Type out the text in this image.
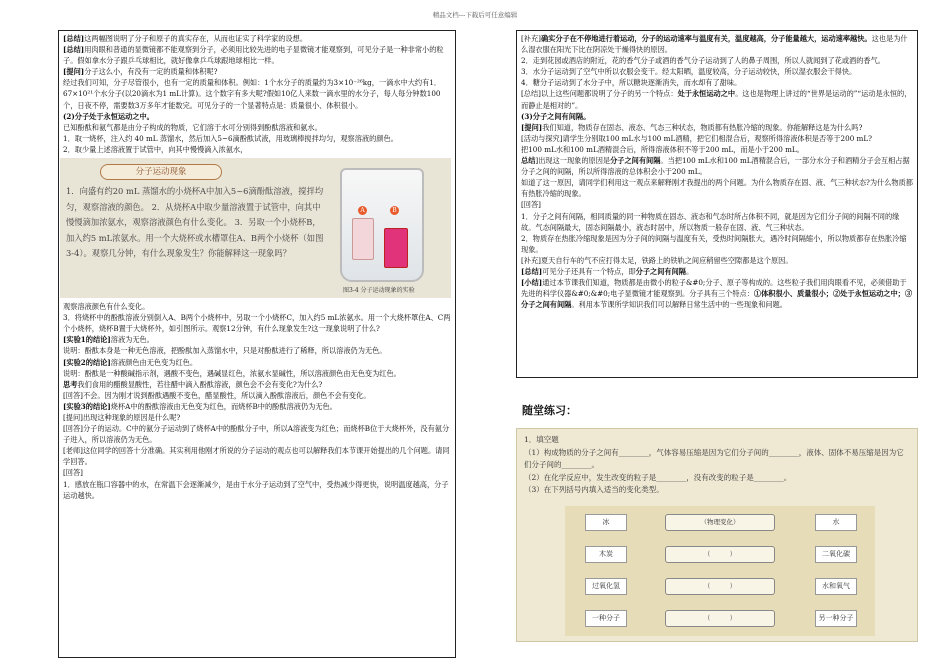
精品文档---下载后可任意编辑

[总结]这两幅图说明了分子和原子的真实存在，从而也证实了科学家的设想。

[总结]用肉眼和普通的显微镜都不能观察到分子，必须用比较先进的电子显微镜才能观察到，可见分子是一种非常小的粒子。假如拿水分子跟乒乓球相比，就好像拿乒乓球跟地球相比一样。

[提问]分子这么小，有没有一定的质量和体积呢?

经过我们可知，分子尽管很小，也有一定的质量和体积。例如：1个水分子的质量约为3×10⁻²⁶kg，一滴水中大约有1．67×10²¹个水分子(以20滴水为1 mL计算)。这个数字有多大呢?假如10亿人来数一滴水里的水分子，每人每分钟数100个，日夜不停，需要数3万多年才能数完。可见分子的一个显著特点是：质量很小、体积很小。

(2)分子处于永恒运动之中。

已知酚酞和氨气都是由分子构成的物质，它们溶于水可分别得到酚酞溶液和氨水。

1．取一烧杯，注入约 40 mL 蒸馏水，然后加入5~6滴酚酞试液，用玻璃棒搅拌均匀，观察溶液的颜色。

2．取少量上述溶液置于试管中，向其中慢慢滴入浓氨水，

分子运动现象
1．向盛有约20 mL 蒸馏水的小烧杯A中加入5~6滴酚酞溶液，搅拌均匀，观察溶液的颜色。 2．从烧杯A中取少量溶液置于试管中，向其中慢慢滴加浓氨水，观察溶液颜色有什么变化。 3．另取一个小烧杯B，加入约5 mL浓氨水。用一个大烧杯或水槽罩住A、B两个小烧杯（如图3-4）。观察几分钟，有什么现象发生？你能解释这一现象吗？
A	B
图3-4 分子运动现象的实验

观察溶液颜色有什么变化。

3．将烧杯中的酚酞溶液分别倒入A、B两个小烧杯中，另取一个小烧杯C，加入约5 mL浓氨水。用一个大烧杯罩住A、C两个小烧杯，烧杯B置于大烧杯外，如引图所示。观察12分钟，有什么现象发生?这一现象说明了什么?

[实验1的结论]溶液为无色。

说明：酚酞本身是一种无色溶液，把酚酞加入蒸馏水中，只是对酚酞进行了稀释，所以溶液仍为无色。

[实验2的结论]溶液颜色由无色变为红色。

说明：酚酞是一种酸碱指示剂，遇酸不变色，遇碱显红色，浓氨水显碱性，所以溶液颜色由无色变为红色。

思考我们食用的醋酸显酸性，若往醋中滴入酚酞溶液，颜色会不会有变化?为什么?

[回答]不会。因为刚才说到酚酞遇酸不变色，醋显酸性，所以滴入酚酞溶液后，颜色不会有变化。

[实验3的结论]烧杯A中的酚酞溶液由无色变为红色，而烧杯B中的酚酞溶液仍为无色。

[提问]出现这种现象的原因是什么呢?

[回答]分子的运动。C中的氨分子运动到了烧杯A中的酚酞分子中，所以A溶液变为红色；而烧杯B位于大烧杯外，没有氨分子进入，所以溶液仍为无色。

[老师]这位同学的回答十分准确。其实利用他刚才所说的分子运动的观点也可以解释我们本节课开始提出的几个问题。请同学回答。

[回答]

1．感放在瓶口容器中的水，在常温下会逐渐减少，是由于水分子运动到了空气中，受热减少得更快，说明温度越高，分子运动越快。

[补充]确实分子在不停地进行着运动，分子的运动速率与温度有关，温度越高，分子能量越大，运动速率越快。这也是为什么湿衣服在阳光下比在阴凉处干燥得快的原因。

2．走到花园或酒店的附近，花的香气分子或酒的香气分子运动到了人的鼻子周围，所以人就闻到了花或酒的香气。

3．水分子运动到了空气中所以衣服会变干。经太阳晒，温度较高，分子运动较快，所以湿衣服会干得快。

4．糖分子运动到了水分子中，所以糖块逐渐消失，而水却有了甜味。

[总结]以上这些问题都说明了分子的另一个特点：处于永恒运动之中。这也是物理上讲过的“世界是运动的”“运动是永恒的，而静止是相对的”。

(3)分子之间有间隔。

[提问]我们知道，物质存在固态、液态、气态三种状态，物质都有热胀冷缩的现象。你能解释这是为什么吗?

[活动与探究]请学生分别取100 mL水与100 mL酒精，把它们相混合后，观察所得溶液体积是否等于200 mL?

把100 mL水和100 mL酒精混合后，所得溶液体积不等于200 mL，而是小于200 mL。

总结]出现这一现象的原因是分子之间有间隔。当把100 mL水和100 mL酒精混合后，一部分水分子和酒精分子会互相占据分子之间的间隔，所以所得溶液的总体积会小于200 mL。

如道了这一原因，请同学们利用这一观点来解释刚才我提出的两个问题。为什么物质存在固、液、气三种状态?为什么物质都有热胀冷缩的现象。

[回答]

1．分子之间有间隔，相同质量的同一种物质在固态、液态和气态时所占体积不同，就是因为它们分子间的间隔不同的缘故。气态间隔最大，固态间隔最小，液态时居中，所以物质一般存在固、液、气三种状态。

2．物质存在热胀冷缩现象是因为分子间的间隔与温度有关，受热时间隔胀大，遇冷时间隔缩小，所以物质都存在热胀冷缩现象。

[补充]夏天自行车的气不应打得太足，铁路上的铁轨之间应稍留些空隙都是这个原因。

[总结]可见分子还具有一个特点，即分子之间有间隔。

[小结]通过本节课我们知道，物质都是由微小的粒子&#0;分子、原子等构成的。这些粒子我们用肉眼看不见，必须借助于先进的科学仪器&#0;&#0;电子显微镜才能观察到。分子具有三个特点：①体积很小、质量很小；②处于永恒运动之中；③分子之间有间隔。利用本节课所学知识我们可以解释日常生活中的一些现象和问题。

随堂练习：
1．填空题
（1）构成物质的分子之间有________，气体容易压缩是因为它们分子间的________，液体、固体不易压缩是因为它们分子间的________。
（2）在化学反应中，发生改变的粒子是________，没有改变的粒子是________。
（3）在下列括号内填入适当的变化类型。
冰	（物理变化）	水
木炭	（　　　）	二氧化碳
过氧化氢	（　　　）	水和氧气
一种分子	（　　　）	另一种分子
